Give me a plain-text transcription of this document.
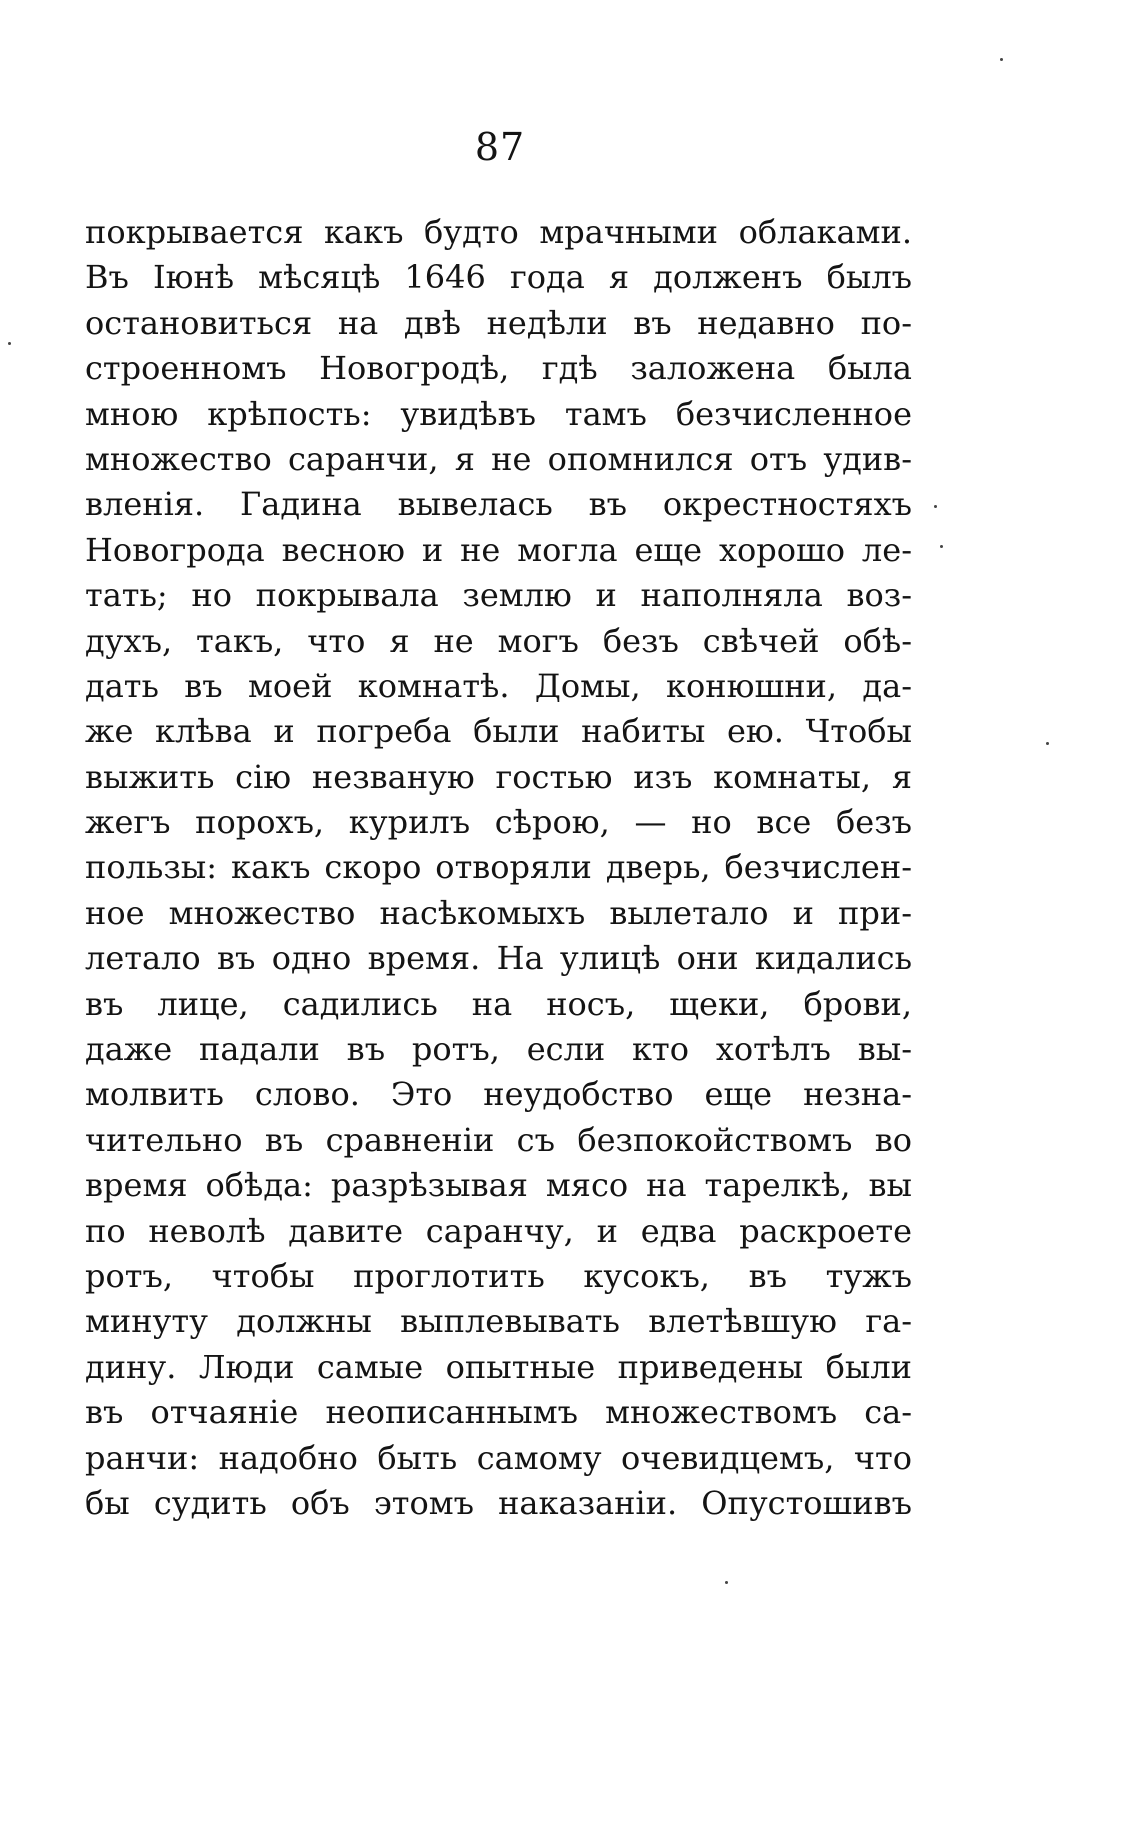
87
покрывается какъ будто мрачными облаками.
Въ Іюнѣ мѣсяцѣ 1646 года я долженъ былъ
остановиться на двѣ недѣли въ недавно по-
строенномъ Новогродѣ, гдѣ заложена была
мною крѣпость: увидѣвъ тамъ безчисленное
множество саранчи, я не опомнился отъ удив-
вленія. Гадина вывелась въ окрестностяхъ
Новогрода весною и не могла еще хорошо ле-
тать; но покрывала землю и наполняла воз-
духъ, такъ, что я не могъ безъ свѣчей обѣ-
дать въ моей комнатѣ. Домы, конюшни, да-
же клѣва и погреба были набиты ею. Чтобы
выжить сію незваную гостью изъ комнаты, я
жегъ порохъ, курилъ сѣрою, — но все безъ
пользы: какъ скоро отворяли дверь, безчислен-
ное множество насѣкомыхъ вылетало и при-
летало въ одно время. На улицѣ они кидались
въ лице, садились на носъ, щеки, брови,
даже падали въ ротъ, если кто хотѣлъ вы-
молвить слово. Это неудобство еще незна-
чительно въ сравненіи съ безпокойствомъ во
время обѣда: разрѣзывая мясо на тарелкѣ, вы
по неволѣ давите саранчу, и едва раскроете
ротъ, чтобы проглотить кусокъ, въ тужъ
минуту должны выплевывать влетѣвшую га-
дину. Люди самые опытные приведены были
въ отчаяніе неописаннымъ множествомъ са-
ранчи: надобно быть самому очевидцемъ, что
бы судить объ этомъ наказаніи. Опустошивъ
